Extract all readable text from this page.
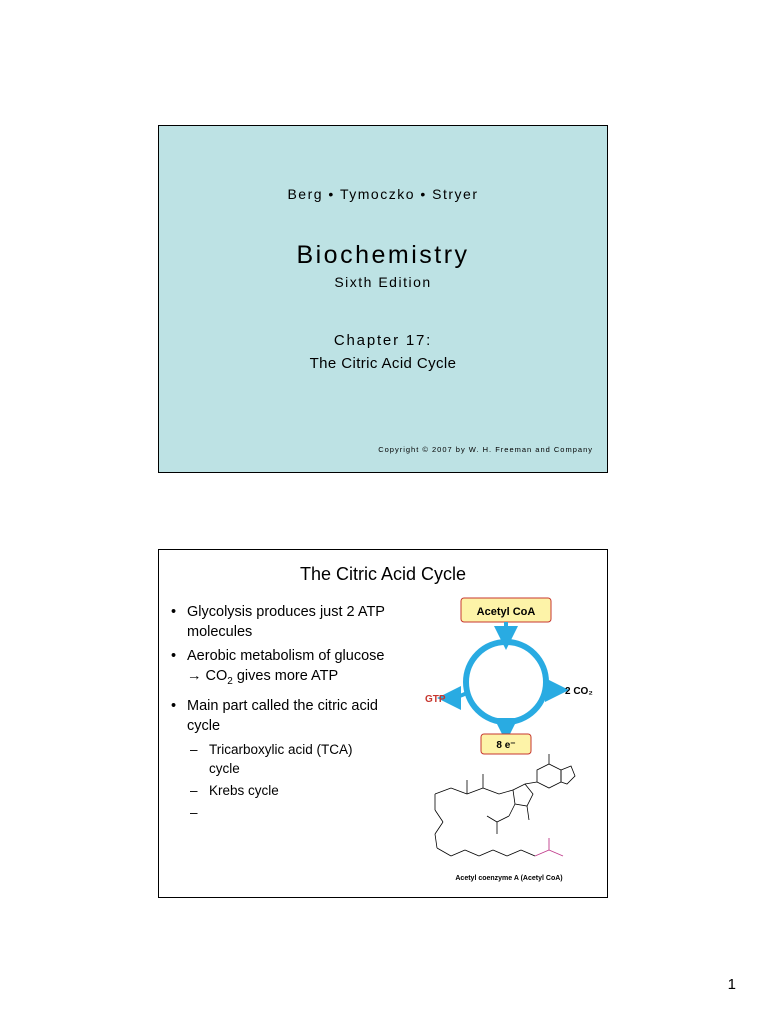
Berg • Tymoczko • Stryer
Biochemistry
Sixth Edition
Chapter 17:
The Citric Acid Cycle
Copyright © 2007 by W. H. Freeman and Company
The Citric Acid Cycle
• Glycolysis produces just 2 ATP molecules
• Aerobic metabolism of $glucose \to CO_2$ gives more ATP
• Main part called the citric acid cycle
– Tricarboxylic acid (TCA) cycle
– Krebs cycle
–
Acetyl CoA
GTP
2 CO₂
8 e⁻
Acetyl coenzyme A (Acetyl CoA)
1
